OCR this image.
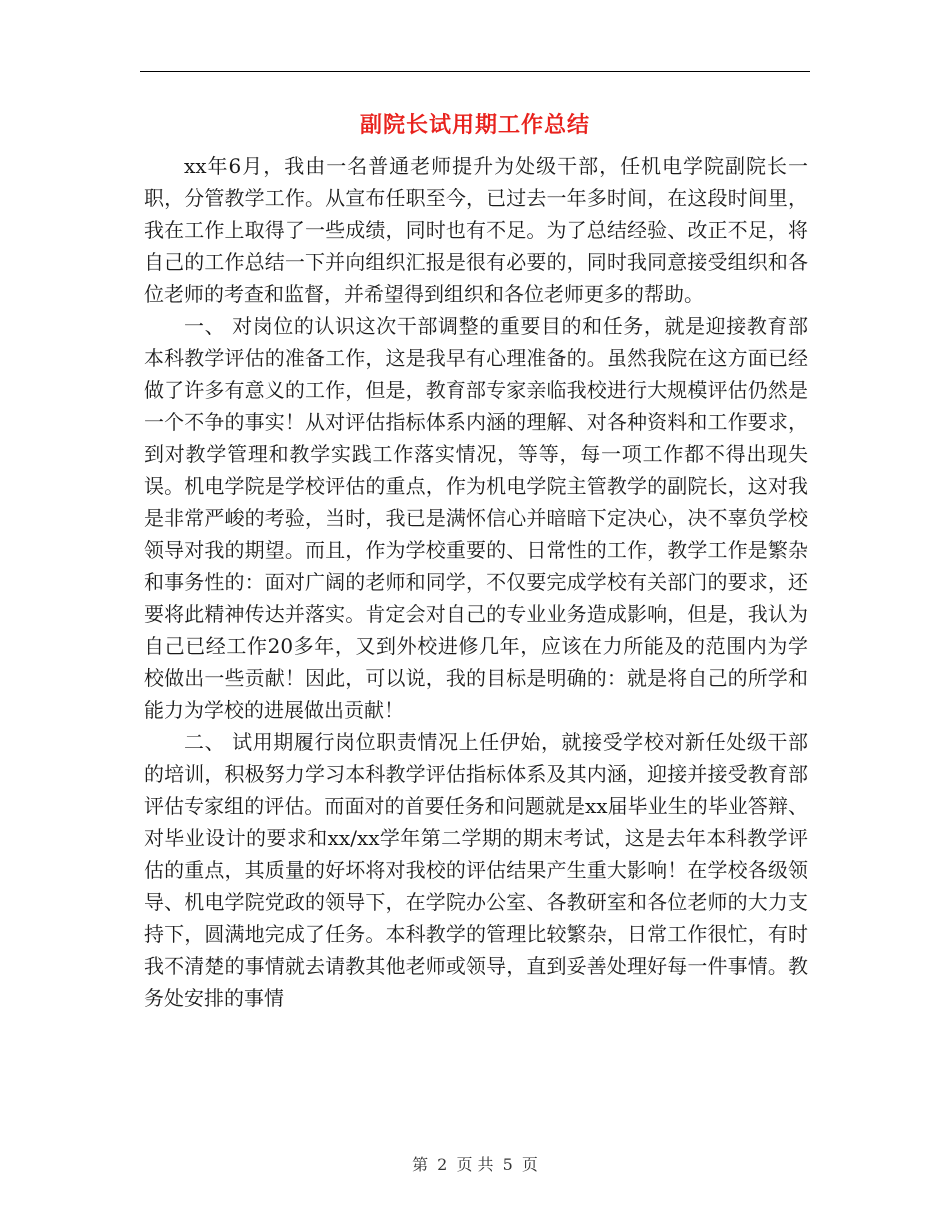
副院长试用期工作总结

xx年6月，我由一名普通老师提升为处级干部，任机电学院副院长一职，分管教学工作。从宣布任职至今，已过去一年多时间，在这段时间里，我在工作上取得了一些成绩，同时也有不足。为了总结经验、改正不足，将自己的工作总结一下并向组织汇报是很有必要的，同时我同意接受组织和各位老师的考查和监督，并希望得到组织和各位老师更多的帮助。

一、 对岗位的认识这次干部调整的重要目的和任务，就是迎接教育部本科教学评估的准备工作，这是我早有心理准备的。虽然我院在这方面已经做了许多有意义的工作，但是，教育部专家亲临我校进行大规模评估仍然是一个不争的事实！从对评估指标体系内涵的理解、对各种资料和工作要求，到对教学管理和教学实践工作落实情况，等等，每一项工作都不得出现失误。机电学院是学校评估的重点，作为机电学院主管教学的副院长，这对我是非常严峻的考验，当时，我已是满怀信心并暗暗下定决心，决不辜负学校领导对我的期望。而且，作为学校重要的、日常性的工作，教学工作是繁杂和事务性的：面对广阔的老师和同学，不仅要完成学校有关部门的要求，还要将此精神传达并落实。肯定会对自己的专业业务造成影响，但是，我认为自己已经工作20多年，又到外校进修几年，应该在力所能及的范围内为学校做出一些贡献！因此，可以说，我的目标是明确的：就是将自己的所学和能力为学校的进展做出贡献！

二、 试用期履行岗位职责情况上任伊始，就接受学校对新任处级干部的培训，积极努力学习本科教学评估指标体系及其内涵，迎接并接受教育部评估专家组的评估。而面对的首要任务和问题就是xx届毕业生的毕业答辩、对毕业设计的要求和xx/xx学年第二学期的期末考试，这是去年本科教学评估的重点，其质量的好坏将对我校的评估结果产生重大影响！在学校各级领导、机电学院党政的领导下，在学院办公室、各教研室和各位老师的大力支持下，圆满地完成了任务。本科教学的管理比较繁杂，日常工作很忙，有时我不清楚的事情就去请教其他老师或领导，直到妥善处理好每一件事情。教务处安排的事情

第 2 页 共 5 页
